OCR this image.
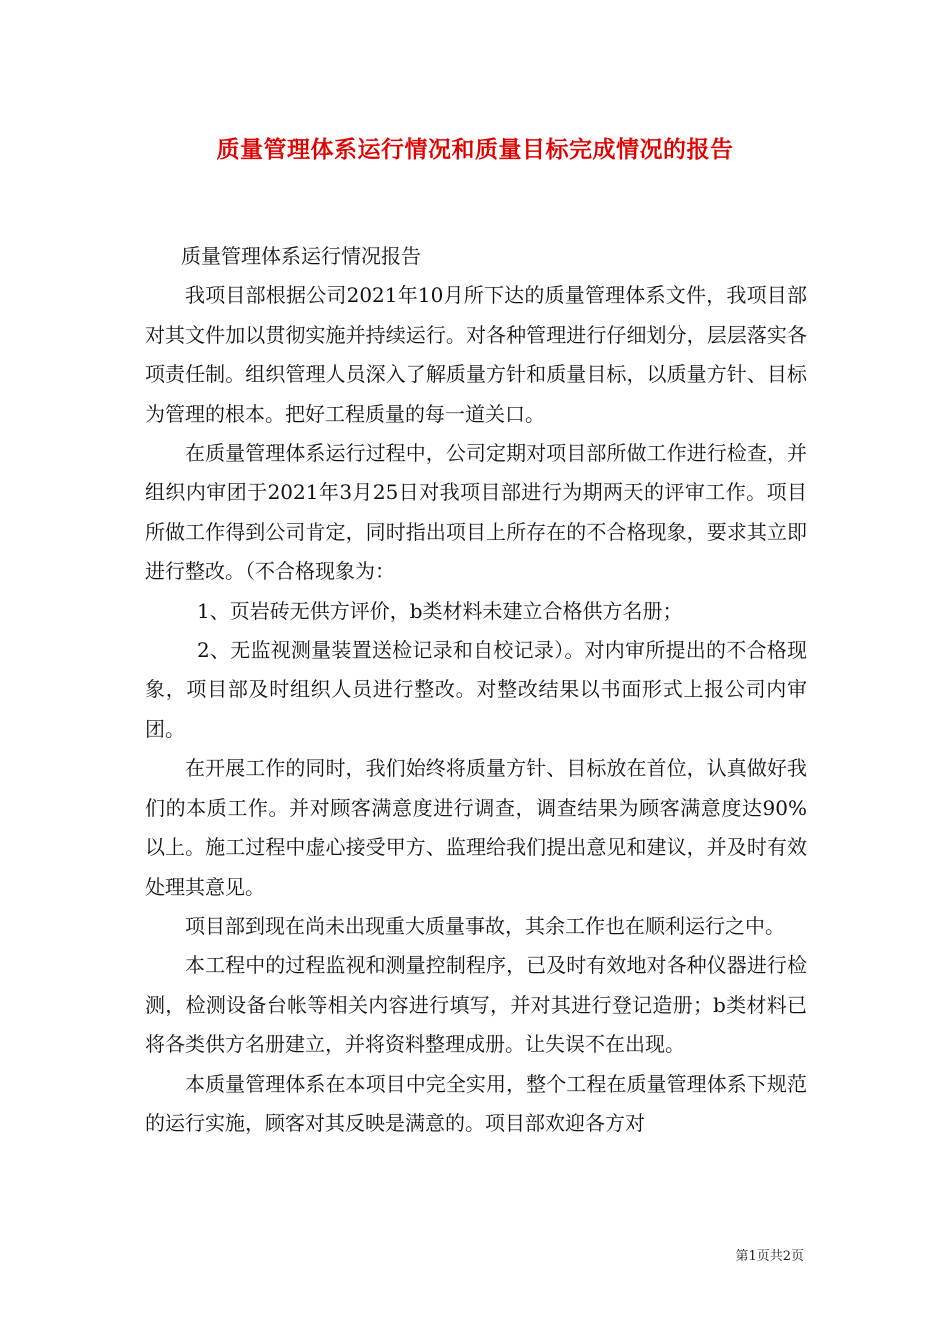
质量管理体系运行情况和质量目标完成情况的报告

质量管理体系运行情况报告

我项目部根据公司2021年10月所下达的质量管理体系文件，我项目部对其文件加以贯彻实施并持续运行。对各种管理进行仔细划分，层层落实各项责任制。组织管理人员深入了解质量方针和质量目标，以质量方针、目标为管理的根本。把好工程质量的每一道关口。

在质量管理体系运行过程中，公司定期对项目部所做工作进行检查，并组织内审团于2021年3月25日对我项目部进行为期两天的评审工作。项目所做工作得到公司肯定，同时指出项目上所存在的不合格现象，要求其立即进行整改。（不合格现象为：

1、页岩砖无供方评价，b类材料未建立合格供方名册；

2、无监视测量装置送检记录和自校记录）。对内审所提出的不合格现象，项目部及时组织人员进行整改。对整改结果以书面形式上报公司内审团。

在开展工作的同时，我们始终将质量方针、目标放在首位，认真做好我们的本质工作。并对顾客满意度进行调查，调查结果为顾客满意度达90%以上。施工过程中虚心接受甲方、监理给我们提出意见和建议，并及时有效处理其意见。

项目部到现在尚未出现重大质量事故，其余工作也在顺利运行之中。

本工程中的过程监视和测量控制程序，已及时有效地对各种仪器进行检测，检测设备台帐等相关内容进行填写，并对其进行登记造册；b类材料已将各类供方名册建立，并将资料整理成册。让失误不在出现。

本质量管理体系在本项目中完全实用，整个工程在质量管理体系下规范的运行实施，顾客对其反映是满意的。项目部欢迎各方对

第1页共2页
